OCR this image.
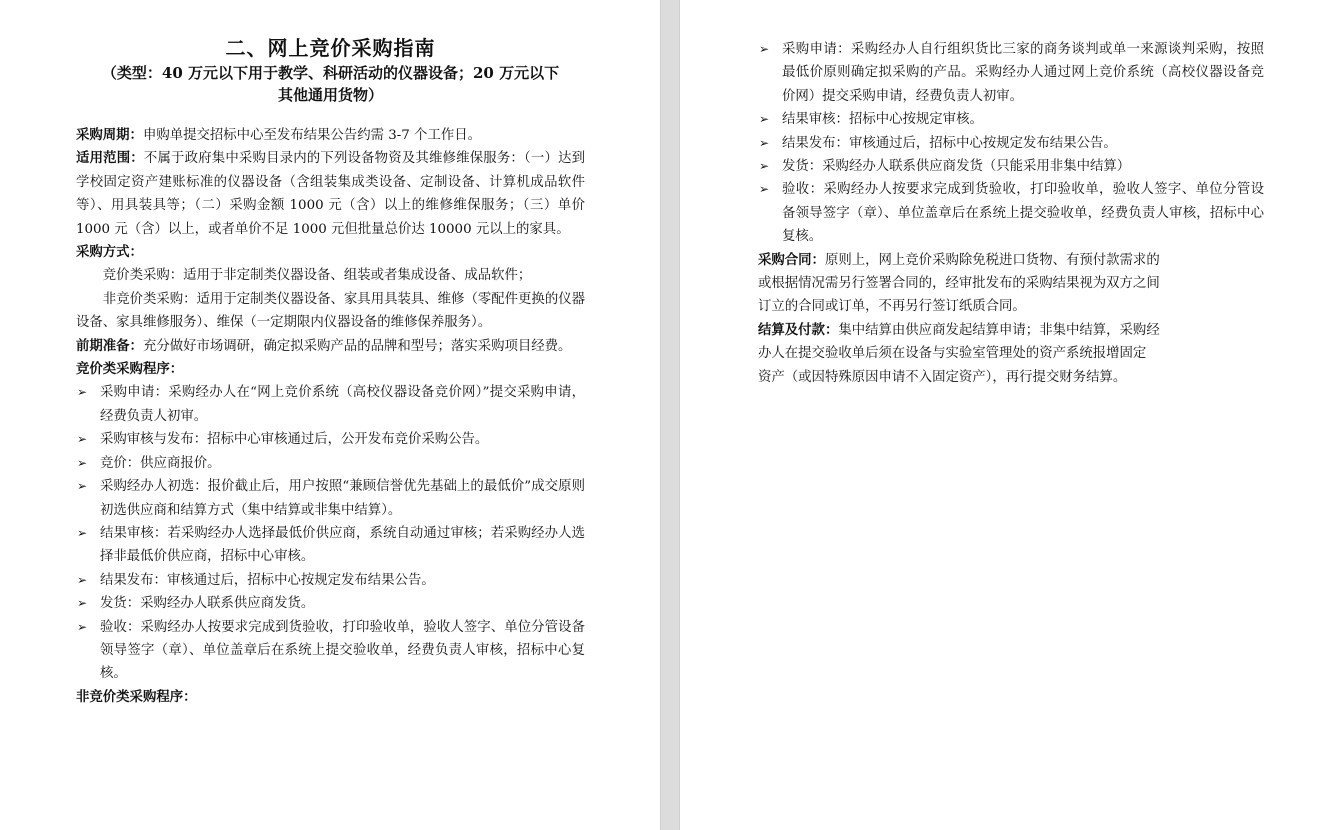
二、网上竞价采购指南
（类型：40 万元以下用于教学、科研活动的仪器设备；20 万元以下
其他通用货物）

采购周期：申购单提交招标中心至发布结果公告约需 3-7 个工作日。

适用范围：不属于政府集中采购目录内的下列设备物资及其维修维保服务：（一）达到学校固定资产建账标准的仪器设备（含组装集成类设备、定制设备、计算机成品软件等）、用具装具等；（二）采购金额 1000 元（含）以上的维修维保服务；（三）单价 1000 元（含）以上，或者单价不足 1000 元但批量总价达 10000 元以上的家具。

采购方式：

竞价类采购：适用于非定制类仪器设备、组装或者集成设备、成品软件；

非竞价类采购：适用于定制类仪器设备、家具用具装具、维修（零配件更换的仪器设备、家具维修服务）、维保（一定期限内仪器设备的维修保养服务）。

前期准备：充分做好市场调研，确定拟采购产品的品牌和型号；落实采购项目经费。

竞价类采购程序：

➢ 采购申请：采购经办人在“网上竞价系统（高校仪器设备竞价网）”提交采购申请，经费负责人初审。
➢ 采购审核与发布：招标中心审核通过后，公开发布竞价采购公告。
➢ 竞价：供应商报价。
➢ 采购经办人初选：报价截止后，用户按照“兼顾信誉优先基础上的最低价”成交原则初选供应商和结算方式（集中结算或非集中结算）。
➢ 结果审核：若采购经办人选择最低价供应商，系统自动通过审核；若采购经办人选择非最低价供应商，招标中心审核。
➢ 结果发布：审核通过后，招标中心按规定发布结果公告。
➢ 发货：采购经办人联系供应商发货。
➢ 验收：采购经办人按要求完成到货验收，打印验收单，验收人签字、单位分管设备领导签字（章）、单位盖章后在系统上提交验收单，经费负责人审核，招标中心复核。

非竞价类采购程序：

➢ 采购申请：采购经办人自行组织货比三家的商务谈判或单一来源谈判采购，按照最低价原则确定拟采购的产品。采购经办人通过网上竞价系统（高校仪器设备竞价网）提交采购申请，经费负责人初审。
➢ 结果审核：招标中心按规定审核。
➢ 结果发布：审核通过后，招标中心按规定发布结果公告。
➢ 发货：采购经办人联系供应商发货（只能采用非集中结算）
➢ 验收：采购经办人按要求完成到货验收，打印验收单，验收人签字、单位分管设备领导签字（章）、单位盖章后在系统上提交验收单，经费负责人审核，招标中心复核。

采购合同：原则上，网上竞价采购除免税进口货物、有预付款需求的
或根据情况需另行签署合同的，经审批发布的采购结果视为双方之间
订立的合同或订单，不再另行签订纸质合同。

结算及付款：集中结算由供应商发起结算申请；非集中结算，采购经
办人在提交验收单后须在设备与实验室管理处的资产系统报增固定
资产（或因特殊原因申请不入固定资产），再行提交财务结算。
